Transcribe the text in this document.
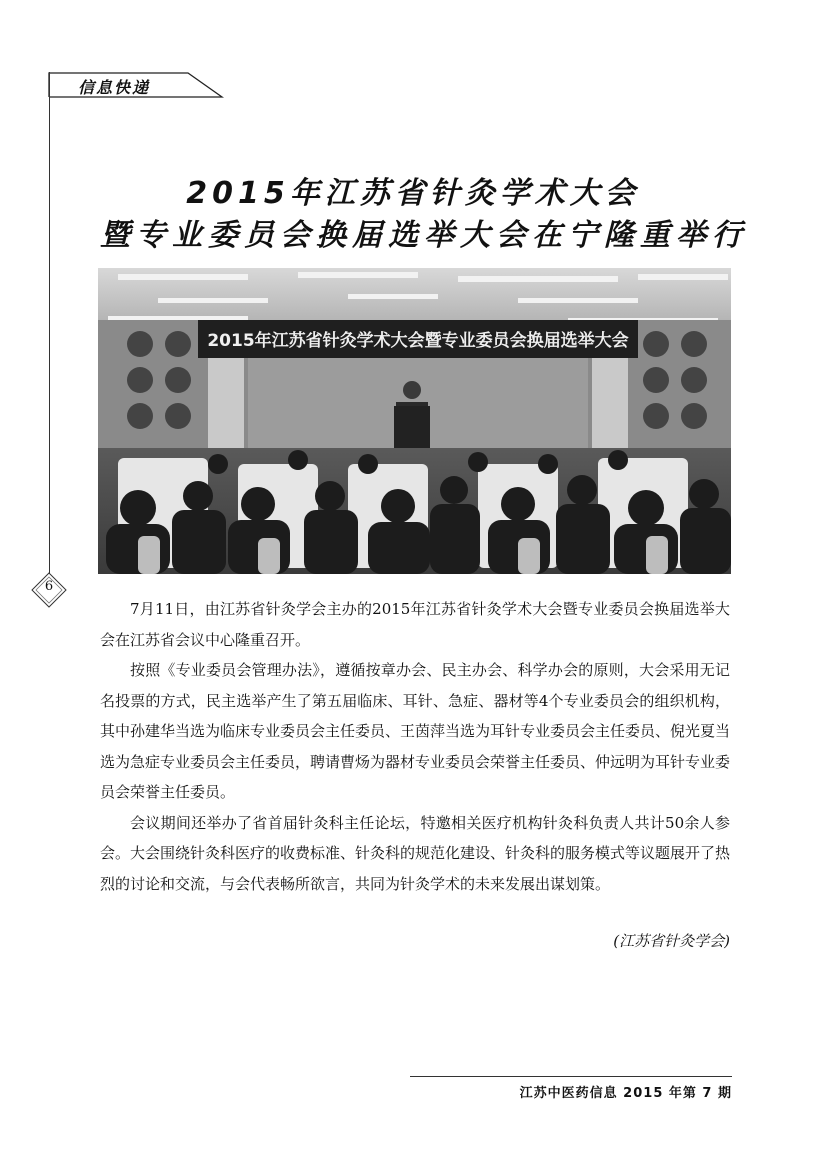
信息快递
6
2015年江苏省针灸学术大会
暨专业委员会换届选举大会在宁隆重举行
2015年江苏省针灸学术大会暨专业委员会换届选举大会

7月11日，由江苏省针灸学会主办的2015年江苏省针灸学术大会暨专业委员会换届选举大会在江苏省会议中心隆重召开。

按照《专业委员会管理办法》，遵循按章办会、民主办会、科学办会的原则，大会采用无记名投票的方式，民主选举产生了第五届临床、耳针、急症、器材等4个专业委员会的组织机构，其中孙建华当选为临床专业委员会主任委员、王茵萍当选为耳针专业委员会主任委员、倪光夏当选为急症专业委员会主任委员，聘请曹炀为器材专业委员会荣誉主任委员、仲远明为耳针专业委员会荣誉主任委员。

会议期间还举办了省首届针灸科主任论坛，特邀相关医疗机构针灸科负责人共计50余人参会。大会围绕针灸科医疗的收费标准、针灸科的规范化建设、针灸科的服务模式等议题展开了热烈的讨论和交流，与会代表畅所欲言，共同为针灸学术的未来发展出谋划策。

(江苏省针灸学会)
江苏中医药信息 2015 年第 7 期
